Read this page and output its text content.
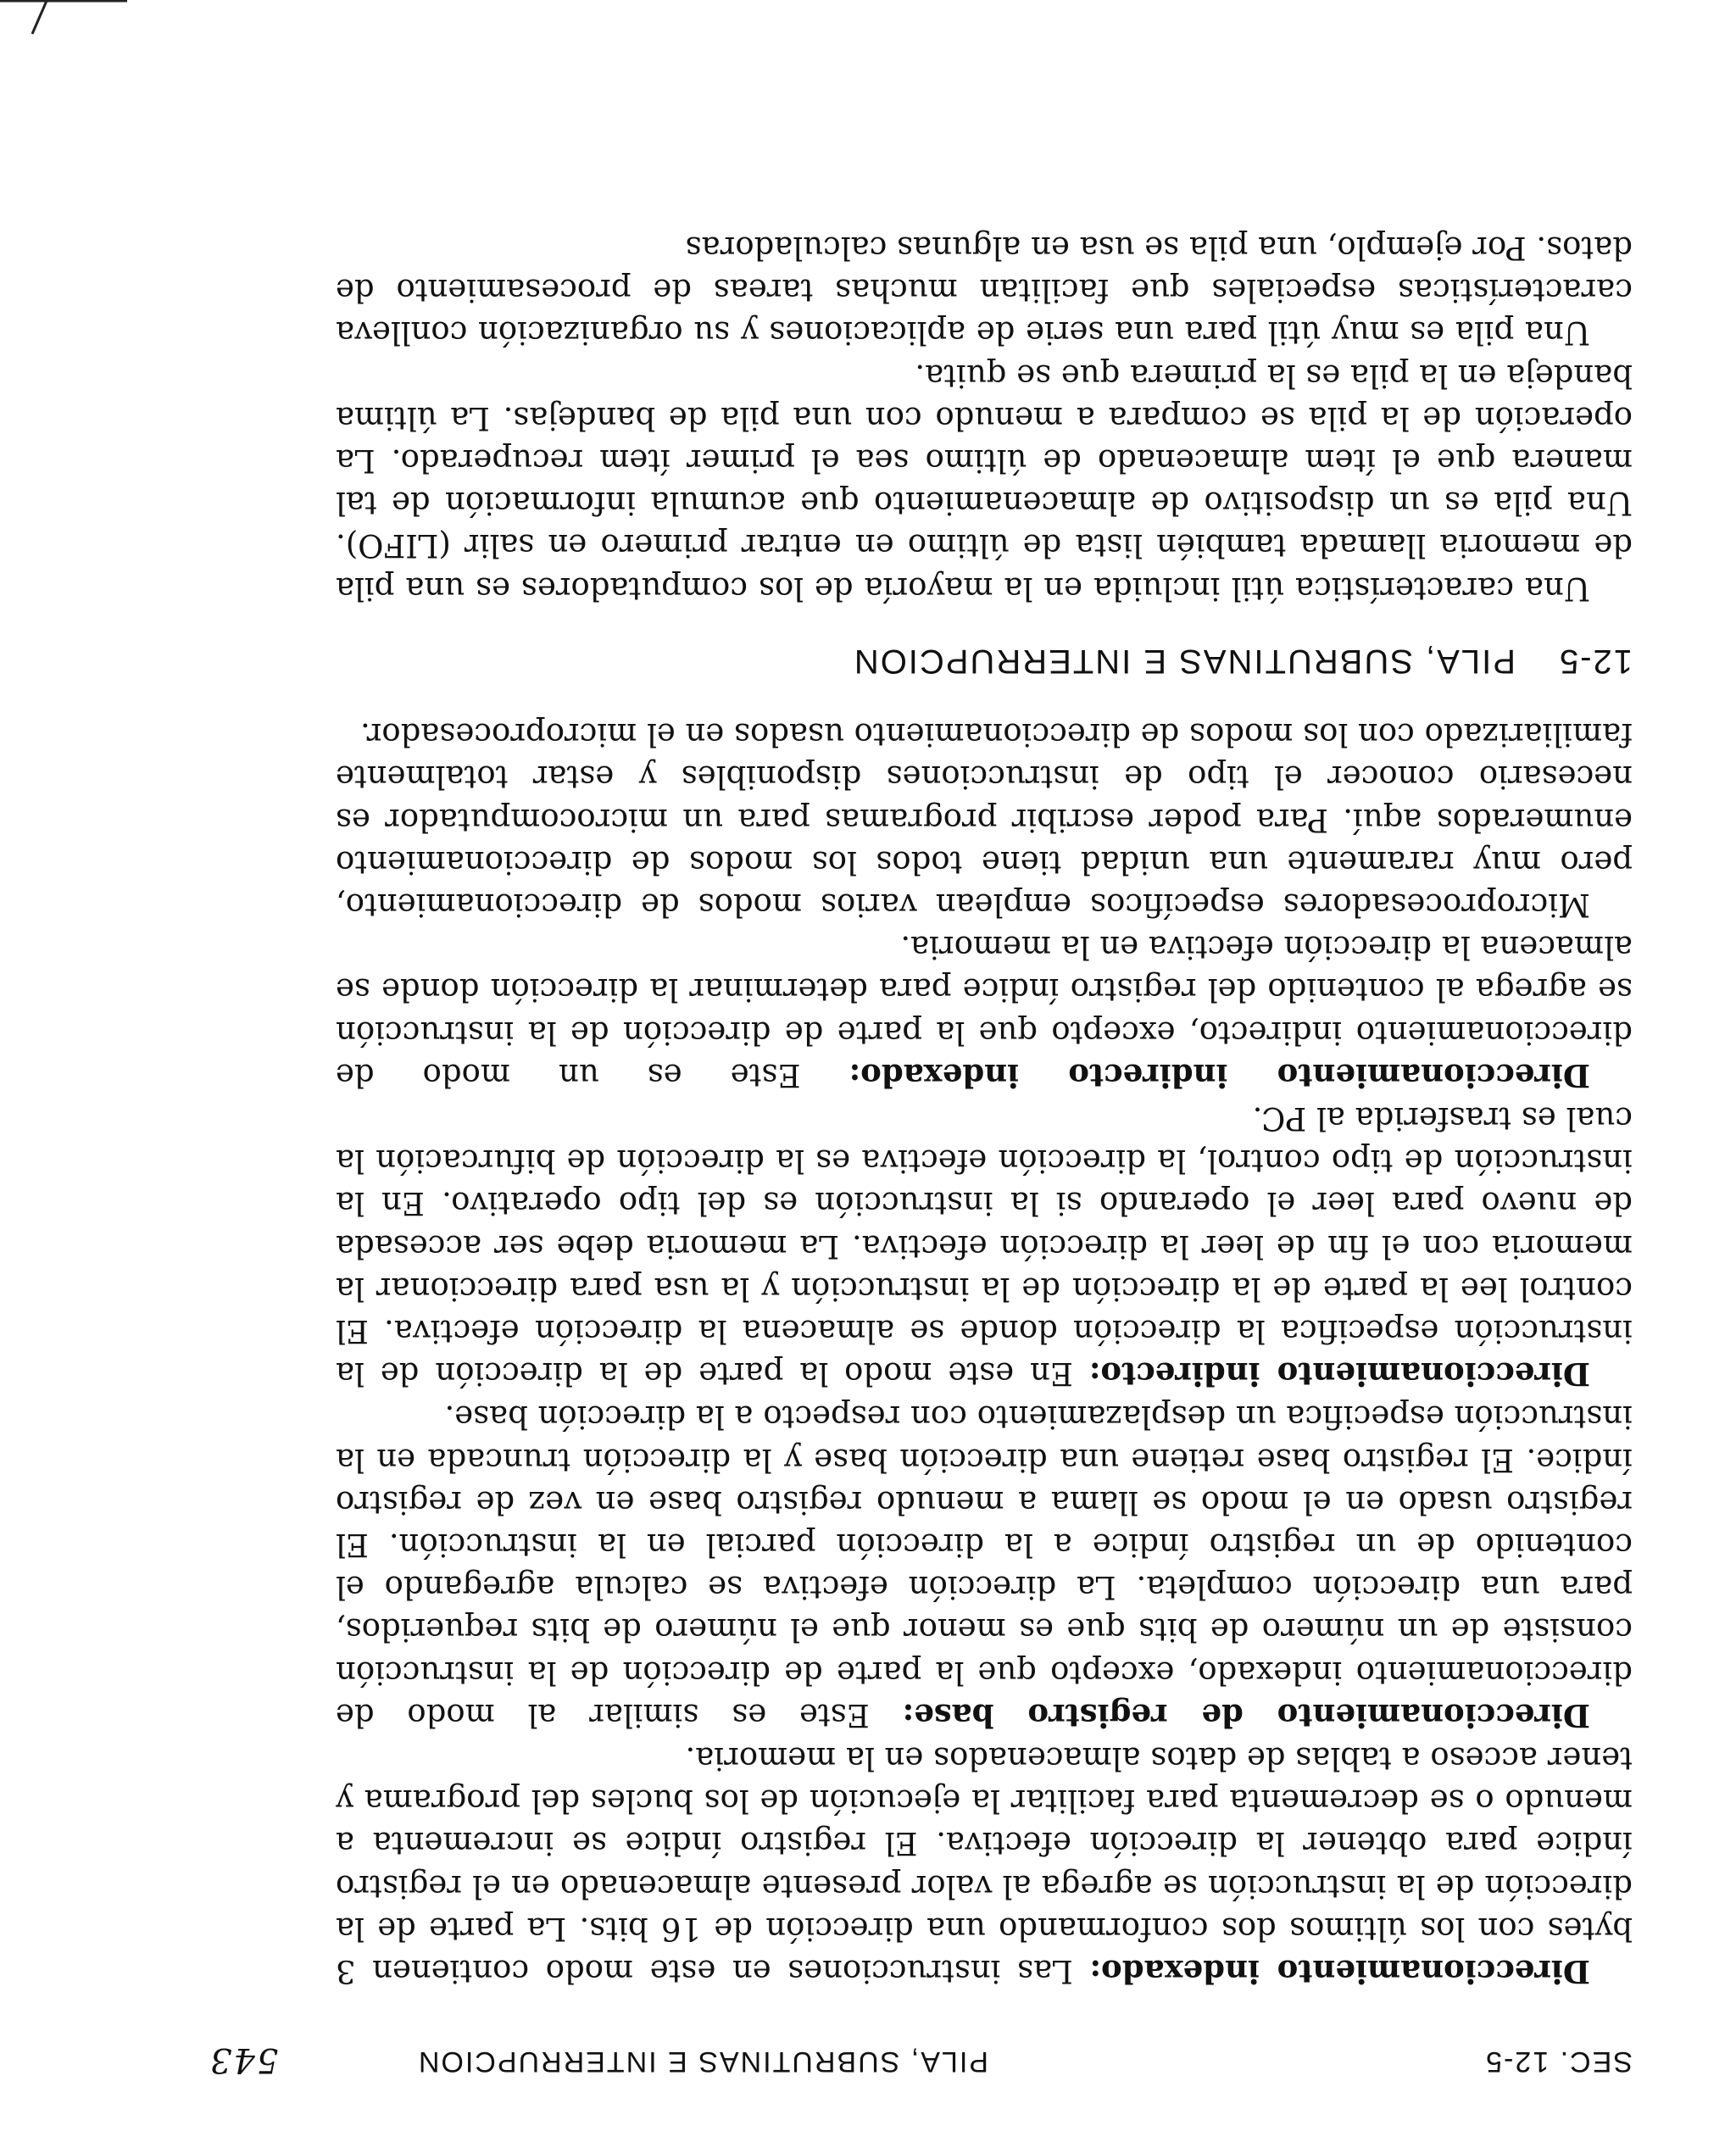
SEC. 12-5
PILA, SUBRUTINAS E INTERRUPCION
543

Direccionamiento indexado: Las instrucciones en este modo contienen 3 bytes con los últimos dos conformando una dirección de 16 bits. La parte de la dirección de la instrucción se agrega al valor presente almacenado en el registro índice para obtener la dirección efectiva. El registro índice se incrementa a menudo o se decrementa para facilitar la ejecución de los bucles del programa y tener acceso a tablas de datos almacenados en la memoria.

Direccionamiento de registro base: Este es similar al modo de direccionamiento indexado, excepto que la parte de dirección de la instrucción consiste de un número de bits que es menor que el número de bits requeridos, para una dirección completa. La dirección efectiva se calcula agregando el contenido de un registro índice a la dirección parcial en la instrucción. El registro usado en el modo se llama a menudo registro base en vez de registro índice. El registro base retiene una dirección base y la dirección truncada en la instrucción especifica un desplazamiento con respecto a la dirección base.

Direccionamiento indirecto: En este modo la parte de la dirección de la instrucción especifica la dirección donde se almacena la dirección efectiva. El control lee la parte de la dirección de la instrucción y la usa para direccionar la memoria con el fin de leer la dirección efectiva. La memoria debe ser accesada de nuevo para leer el operando si la instrucción es del tipo operativo. En la instrucción de tipo control, la dirección efectiva es la dirección de bifurcación la cual es trasferida al PC.

Direccionamiento indirecto indexado: Este es un modo de direccionamiento indirecto, excepto que la parte de dirección de la instrucción se agrega al contenido del registro índice para determinar la dirección donde se almacena la dirección efectiva en la memoria.

Microprocesadores específicos emplean varios modos de direccionamiento, pero muy raramente una unidad tiene todos los modos de direccionamiento enumerados aquí. Para poder escribir programas para un microcomputador es necesario conocer el tipo de instrucciones disponibles y estar totalmente familiarizado con los modos de direccionamiento usados en el microprocesador.

12-5PILA, SUBRUTINAS E INTERRUPCION

Una característica útil incluida en la mayoría de los computadores es una pila de memoria llamada también lista de último en entrar primero en salir (LIFO). Una pila es un dispositivo de almacenamiento que acumula información de tal manera que el ítem almacenado de último sea el primer ítem recuperado. La operación de la pila se compara a menudo con una pila de bandejas. La última bandeja en la pila es la primera que se quita.

Una pila es muy útil para una serie de aplicaciones y su organización conlleva características especiales que facilitan muchas tareas de procesamiento de datos. Por ejemplo, una pila se usa en algunas calculadoras
